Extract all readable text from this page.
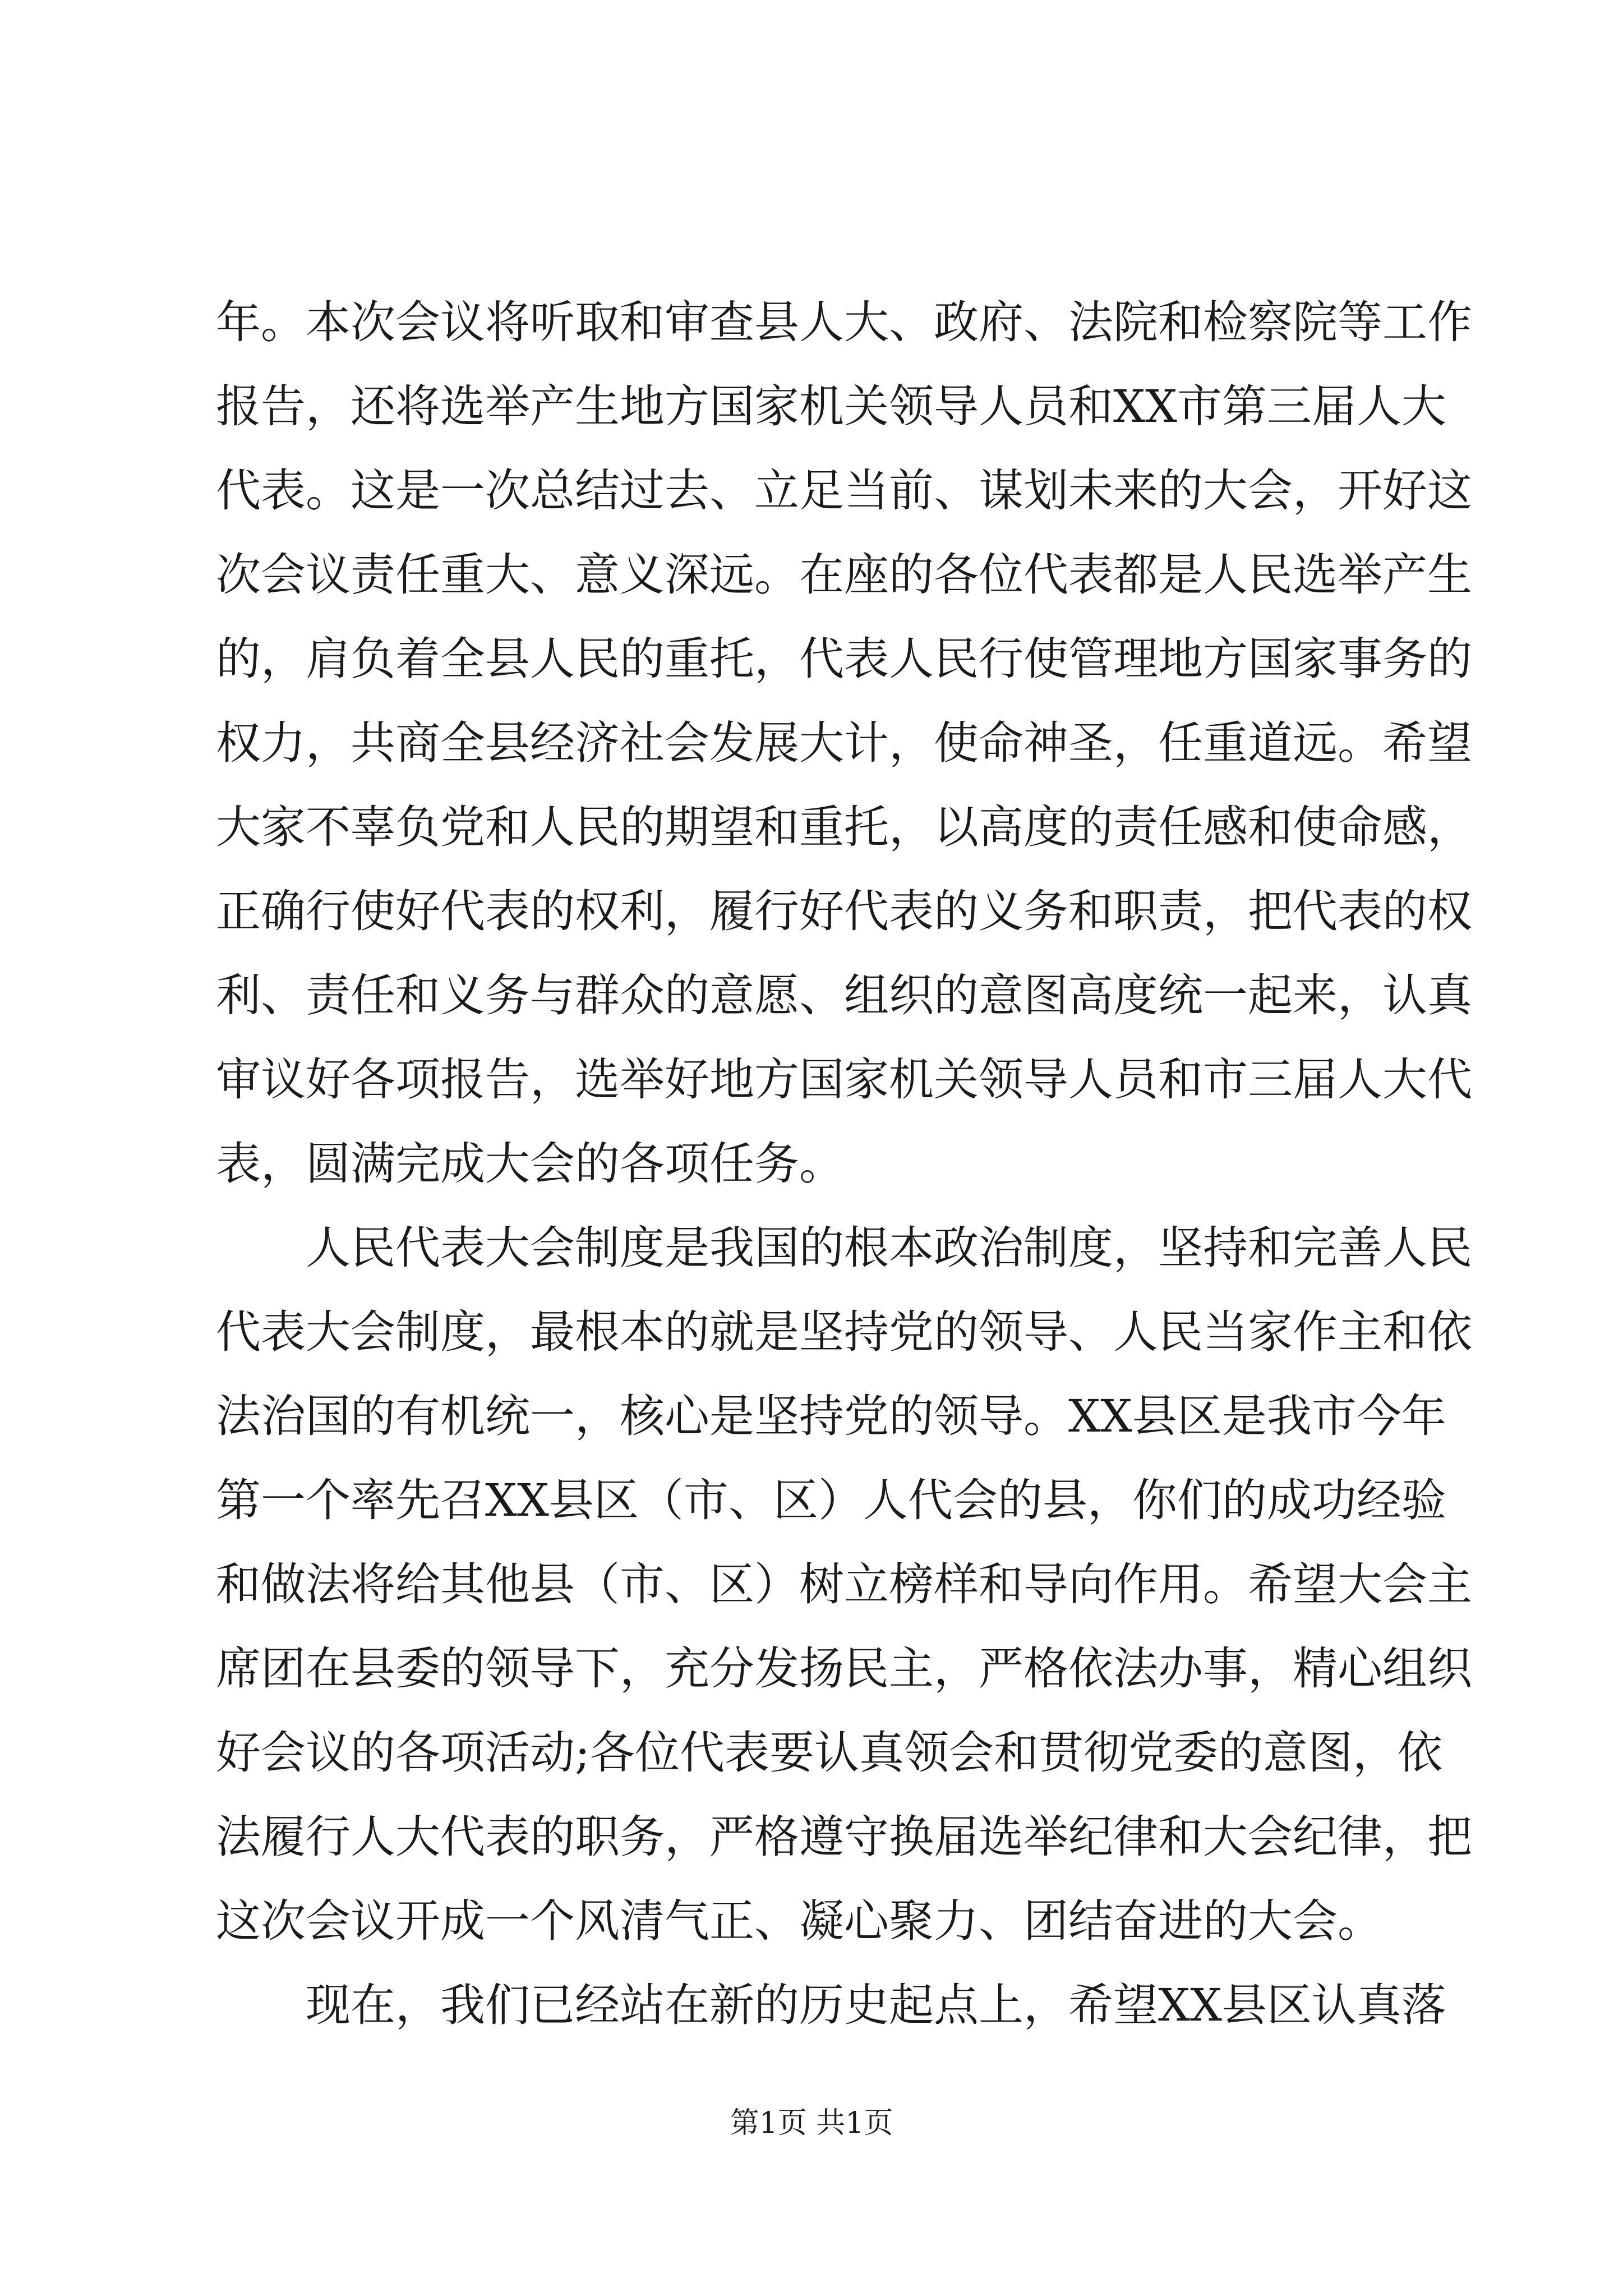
年。本次会议将听取和审查县人大、政府、法院和检察院等工作
报告，还将选举产生地方国家机关领导人员和XX市第三届人大
代表。这是一次总结过去、立足当前、谋划未来的大会，开好这
次会议责任重大、意义深远。在座的各位代表都是人民选举产生
的，肩负着全县人民的重托，代表人民行使管理地方国家事务的
权力，共商全县经济社会发展大计，使命神圣，任重道远。希望
大家不辜负党和人民的期望和重托，以高度的责任感和使命感，
正确行使好代表的权利，履行好代表的义务和职责，把代表的权
利、责任和义务与群众的意愿、组织的意图高度统一起来，认真
审议好各项报告，选举好地方国家机关领导人员和市三届人大代
表，圆满完成大会的各项任务。
人民代表大会制度是我国的根本政治制度，坚持和完善人民
代表大会制度，最根本的就是坚持党的领导、人民当家作主和依
法治国的有机统一，核心是坚持党的领导。XX县区是我市今年
第一个率先召XX县区（市、区）人代会的县，你们的成功经验
和做法将给其他县（市、区）树立榜样和导向作用。希望大会主
席团在县委的领导下，充分发扬民主，严格依法办事，精心组织
好会议的各项活动;各位代表要认真领会和贯彻党委的意图，依
法履行人大代表的职务，严格遵守换届选举纪律和大会纪律，把
这次会议开成一个风清气正、凝心聚力、团结奋进的大会。
现在，我们已经站在新的历史起点上，希望XX县区认真落
第1页 共1页
